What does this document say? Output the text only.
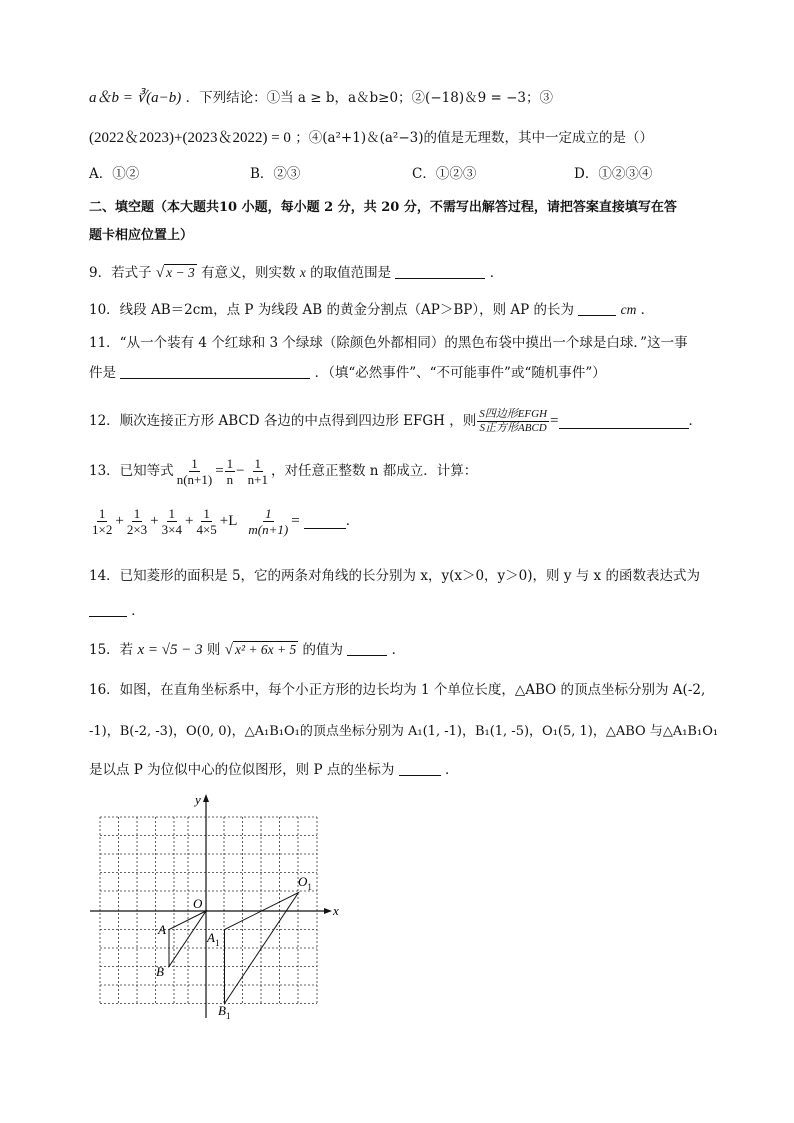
a＆b = ∛(a−b) ．下列结论：①当 a ≥ b，a＆b≥0；②(−18)＆9 = −3；③
(2022＆2023)+(2023＆2022) = 0 ；④(a²+1)＆(a²−3)的值是无理数，其中一定成立的是（）
A．①②	B．②③	C．①②③	D．①②③④
二、填空题（本大题共10 小题，每小题 2 分，共 20 分，不需写出解答过程，请把答案直接填写在答
题卡相应位置上）
9．若式子 √ x − 3 有意义，则实数 x 的取值范围是	．
10．线段 AB＝2cm，点 P 为线段 AB 的黄金分割点（AP＞BP），则 AP 的长为	cm ．
11．“从一个装有 4 个红球和 3 个绿球（除颜色外都相同）的黑色布袋中摸出一个球是白球．”这一事
件是	．（填“必然事件”、“不可能事件”或“随机事件”）
12．顺次连接正方形 ABCD 各边的中点得到四边形 EFGH ，则 $\frac{\text{S四边形EFGH}}{\text{S正方形ABCD}}$ =	．
13．已知等式 $\frac{1}{n(n+1)} = \frac{1}{n} - \frac{1}{n+1}$ ，对任意正整数 n 都成立．计算：
$\frac{1}{1\times 2} + \frac{1}{2\times 3} + \frac{1}{3\times 4} + \frac{1}{4\times 5} +L \frac{1}{m(n+1)}$ =	．
14．已知菱形的面积是 5，它的两条对角线的长分别为 x，y(x＞0，y＞0)，则 y 与 x 的函数表达式为
．
15．若 x = √5 − 3 则 √ x² + 6x + 5 的值为	．
16．如图，在直角坐标系中，每个小正方形的边长均为 1 个单位长度，△ABO 的顶点坐标分别为 A(-2,
-1)，B(-2, -3)，O(0, 0)，△A₁B₁O₁的顶点坐标分别为 A₁(1, -1)，B₁(1, -5)，O₁(5, 1)，△ABO 与△A₁B₁O₁
是以点 P 为位似中心的位似图形，则 P 点的坐标为	．
y
x
O
A
B
$A_1$
$B_1$
$O_1$
